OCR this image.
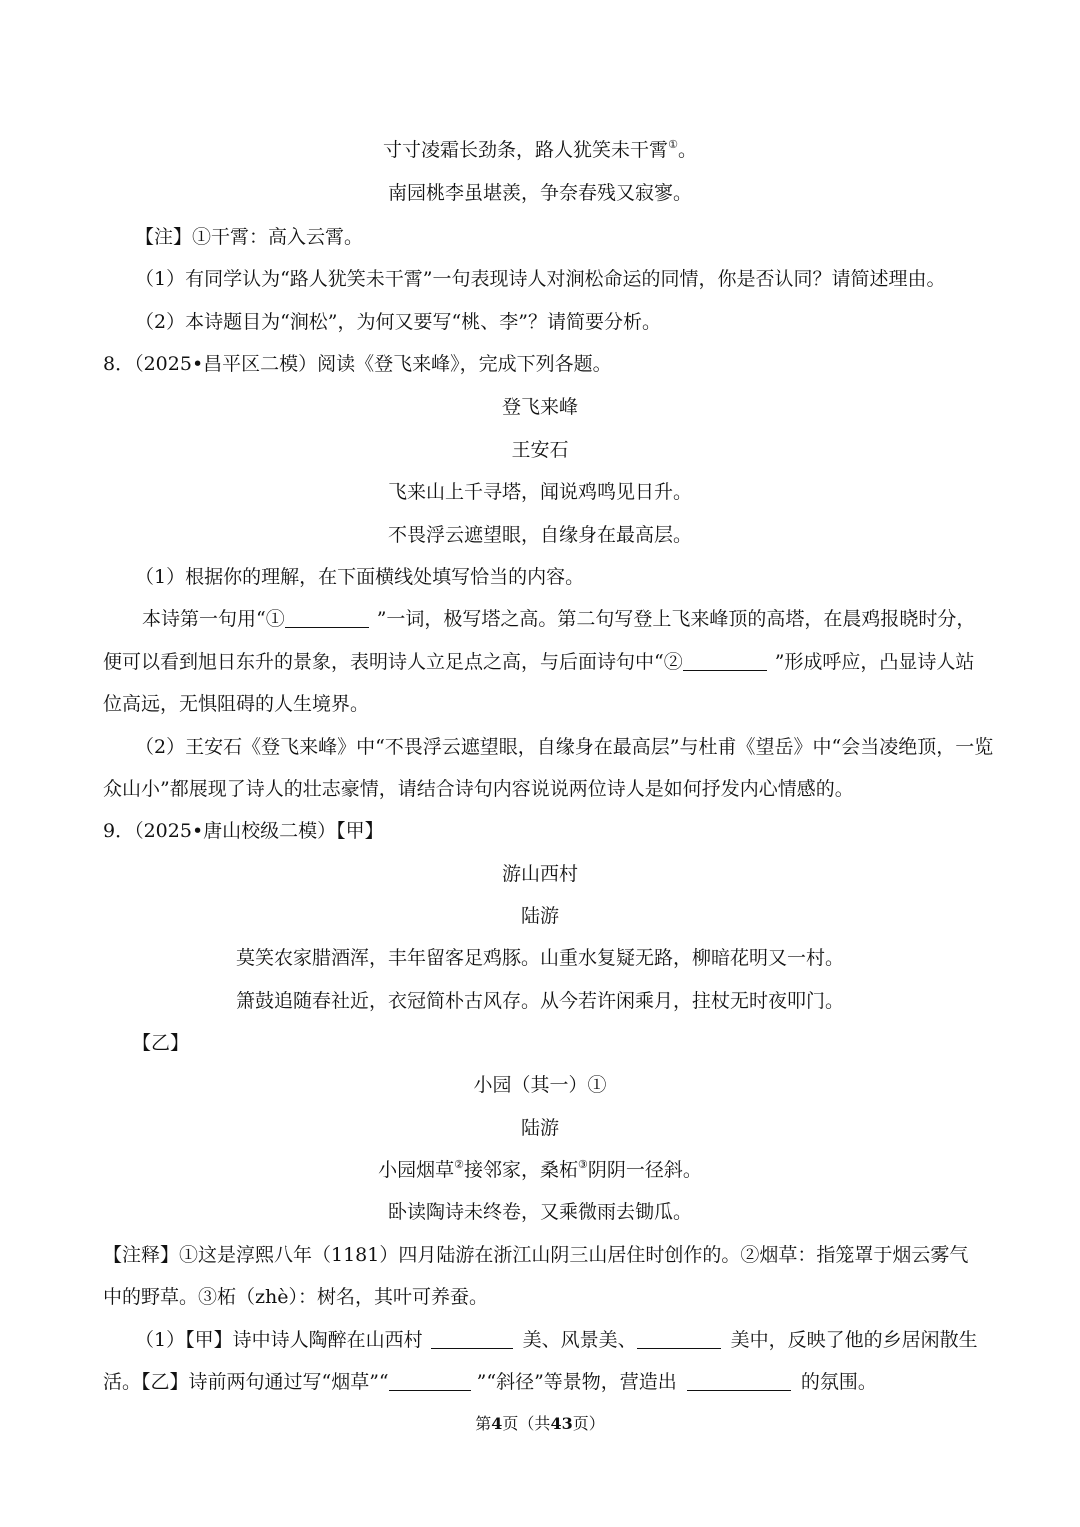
寸寸凌霜长劲条，路人犹笑未干霄①。
南园桃李虽堪羡，争奈春残又寂寥。
【注】①干霄：高入云霄。
（1）有同学认为“路人犹笑未干霄”一句表现诗人对涧松命运的同情，你是否认同？请简述理由。
（2）本诗题目为“涧松”，为何又要写“桃、李”？请简要分析。
8．（2025•昌平区二模）阅读《登飞来峰》，完成下列各题。
登飞来峰
王安石
飞来山上千寻塔，闻说鸡鸣见日升。
不畏浮云遮望眼，自缘身在最高层。
（1）根据你的理解，在下面横线处填写恰当的内容。
本诗第一句用“①	”一词，极写塔之高。第二句写登上飞来峰顶的高塔，在晨鸡报晓时分，
便可以看到旭日东升的景象，表明诗人立足点之高，与后面诗句中“②	”形成呼应，凸显诗人站
位高远，无惧阻碍的人生境界。
（2）王安石《登飞来峰》中“不畏浮云遮望眼，自缘身在最高层”与杜甫《望岳》中“会当凌绝顶，一览
众山小”都展现了诗人的壮志豪情，请结合诗句内容说说两位诗人是如何抒发内心情感的。
9．（2025•唐山校级二模）【甲】
游山西村
陆游
莫笑农家腊酒浑，丰年留客足鸡豚。山重水复疑无路，柳暗花明又一村。
箫鼓追随春社近，衣冠简朴古风存。从今若许闲乘月，拄杖无时夜叩门。
【乙】
小园（其一）①
陆游
小园烟草②接邻家，桑柘③阴阴一径斜。
卧读陶诗未终卷，又乘微雨去锄瓜。
【注释】①这是淳熙八年（1181）四月陆游在浙江山阴三山居住时创作的。②烟草：指笼罩于烟云雾气
中的野草。③柘（zhè）：树名，其叶可养蚕。
（1）【甲】诗中诗人陶醉在山西村	美、风景美、	美中，反映了他的乡居闲散生
活。【乙】诗前两句通过写“烟草”“	”“斜径”等景物，营造出	的氛围。
第4页（共43页）
